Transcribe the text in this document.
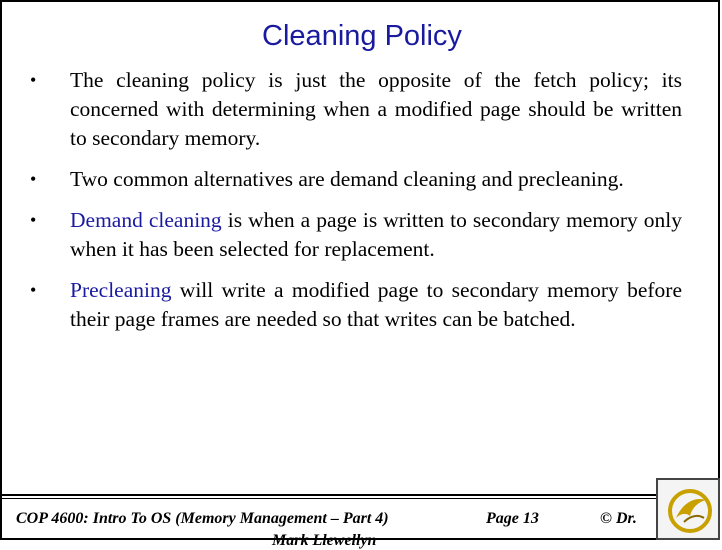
Cleaning Policy
• The cleaning policy is just the opposite of the fetch policy; its concerned with determining when a modified page should be written to secondary memory.
• Two common alternatives are demand cleaning and precleaning.
• Demand cleaning is when a page is written to secondary memory only when it has been selected for replacement.
• Precleaning will write a modified page to secondary memory before their page frames are needed so that writes can be batched.
COP 4600: Intro To OS (Memory Management – Part 4)	Page 13	© Dr.
Mark Llewellyn
